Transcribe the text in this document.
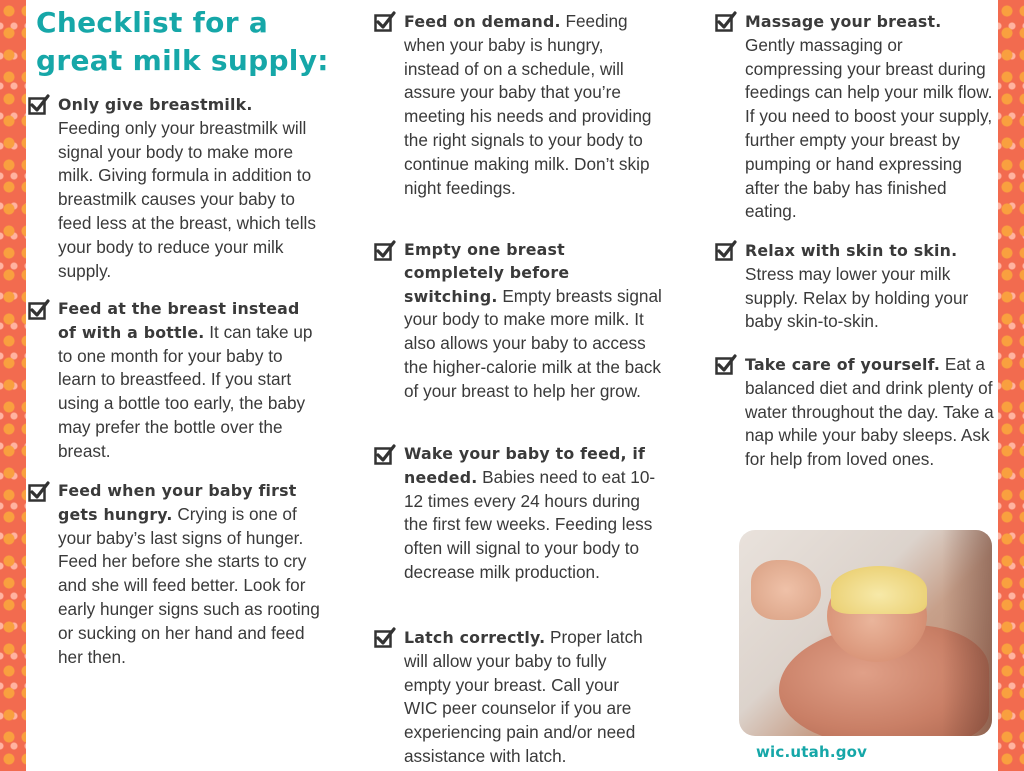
Checklist for a
great milk supply:
Only give breastmilk. Feeding only your breastmilk will signal your body to make more milk. Giving formula in addition to breastmilk causes your baby to feed less at the breast, which tells your body to reduce your milk supply.
Feed at the breast instead of with a bottle. It can take up to one month for your baby to learn to breastfeed. If you start using a bottle too early, the baby may prefer the bottle over the breast.
Feed when your baby first gets hungry. Crying is one of your baby’s last signs of hunger. Feed her before she starts to cry and she will feed better. Look for early hunger signs such as rooting or sucking on her hand and feed her then.
Feed on demand. Feeding when your baby is hungry, instead of on a schedule, will assure your baby that you’re meeting his needs and providing the right signals to your body to continue making milk. Don’t skip night feedings.
Empty one breast completely before switching. Empty breasts signal your body to make more milk. It also allows your baby to access the higher-calorie milk at the back of your breast to help her grow.
Wake your baby to feed, if needed. Babies need to eat 10-12 times every 24 hours during the first few weeks. Feeding less often will signal to your body to decrease milk production.
Latch correctly. Proper latch will allow your baby to fully empty your breast. Call your WIC peer counselor if you are experiencing pain and/or need assistance with latch.
Massage your breast. Gently massaging or compressing your breast during feedings can help your milk flow. If you need to boost your supply, further empty your breast by pumping or hand expressing after the baby has finished eating.
Relax with skin to skin. Stress may lower your milk supply. Relax by holding your baby skin-to-skin.
Take care of yourself. Eat a balanced diet and drink plenty of water throughout the day. Take a nap while your baby sleeps. Ask for help from loved ones.
wic.utah.gov
